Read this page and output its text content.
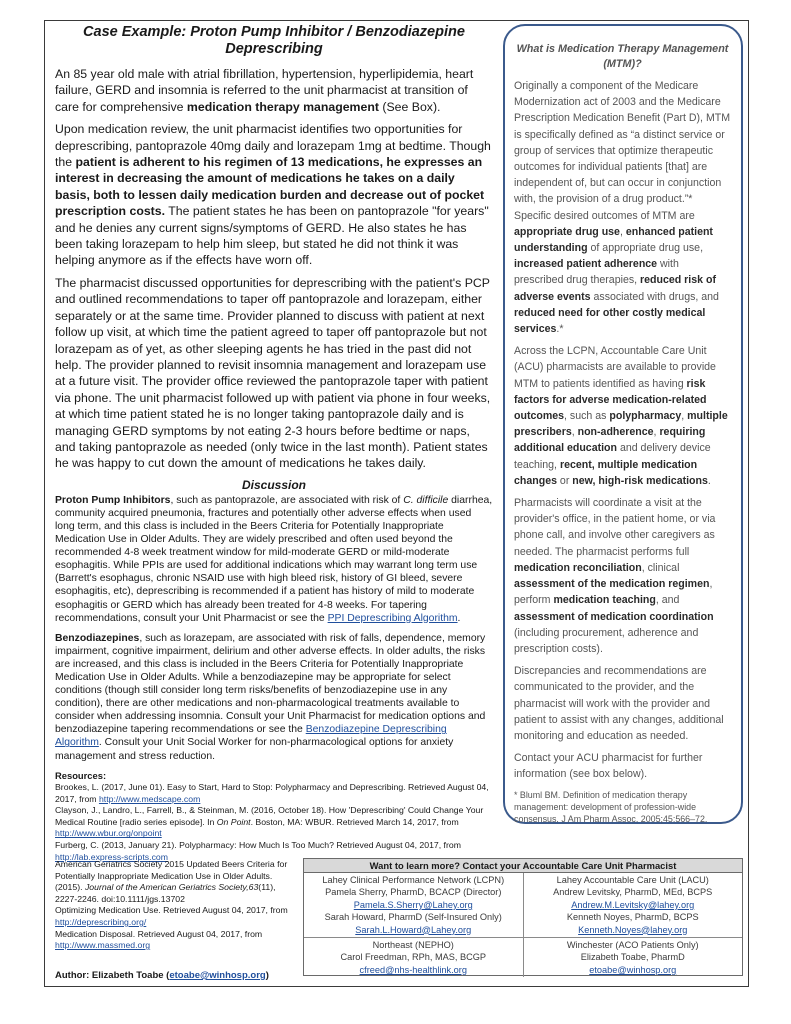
Case Example: Proton Pump Inhibitor / Benzodiazepine Deprescribing

An 85 year old male with atrial fibrillation, hypertension, hyperlipidemia, heart failure, GERD and insomnia is referred to the unit pharmacist at transition of care for comprehensive medication therapy management (See Box).

Upon medication review, the unit pharmacist identifies two opportunities for deprescribing, pantoprazole 40mg daily and lorazepam 1mg at bedtime. Though the patient is adherent to his regimen of 13 medications, he expresses an interest in decreasing the amount of medications he takes on a daily basis, both to lessen daily medication burden and decrease out of pocket prescription costs. The patient states he has been on pantoprazole "for years" and he denies any current signs/symptoms of GERD. He also states he has been taking lorazepam to help him sleep, but stated he did not think it was helping anymore as if the effects have worn off.

The pharmacist discussed opportunities for deprescribing with the patient's PCP and outlined recommendations to taper off pantoprazole and lorazepam, either separately or at the same time. Provider planned to discuss with patient at next follow up visit, at which time the patient agreed to taper off pantoprazole but not lorazepam as of yet, as other sleeping agents he has tried in the past did not help. The provider planned to revisit insomnia management and lorazepam use at a future visit. The provider office reviewed the pantoprazole taper with patient via phone. The unit pharmacist followed up with patient via phone in four weeks, at which time patient stated he is no longer taking pantoprazole daily and is managing GERD symptoms by not eating 2-3 hours before bedtime or naps, and taking pantoprazole as needed (only twice in the last month). Patient states he was happy to cut down the amount of medications he takes daily.

Discussion

Proton Pump Inhibitors, such as pantoprazole, are associated with risk of C. difficile diarrhea, community acquired pneumonia, fractures and potentially other adverse effects when used long term, and this class is included in the Beers Criteria for Potentially Inappropriate Medication Use in Older Adults. They are widely prescribed and often used beyond the recommended 4-8 week treatment window for mild-moderate GERD or mild-moderate esophagitis. While PPIs are used for additional indications which may warrant long term use (Barrett's esophagus, chronic NSAID use with high bleed risk, history of GI bleed, severe esophagitis, etc), deprescribing is recommended if a patient has history of mild to moderate esophagitis or GERD which has already been treated for 4-8 weeks. For tapering recommendations, consult your Unit Pharmacist or see the PPI Deprescribing Algorithm.

Benzodiazepines, such as lorazepam, are associated with risk of falls, dependence, memory impairment, cognitive impairment, delirium and other adverse effects. In older adults, the risks are increased, and this class is included in the Beers Criteria for Potentially Inappropriate Medication Use in Older Adults. While a benzodiazepine may be appropriate for select conditions (though still consider long term risks/benefits of benzodiazepine use in any condition), there are other medications and non-pharmacological treatments available to consider when addressing insomnia. Consult your Unit Pharmacist for medication options and benzodiazepine tapering recommendations or see the Benzodiazepine Deprescribing Algorithm. Consult your Unit Social Worker for non-pharmacological options for anxiety management and stress reduction.

Resources:

Brookes, L. (2017, June 01). Easy to Start, Hard to Stop: Polypharmacy and Deprescribing. Retrieved August 04, 2017, from http://www.medscape.com

Clayson, J., Landro, L., Farrell, B., & Steinman, M. (2016, October 18). How 'Deprescribing' Could Change Your Medical Routine [radio series episode]. In On Point. Boston, MA: WBUR. Retrieved March 14, 2017, from http://www.wbur.org/onpoint

Furberg, C. (2013, January 21). Polypharmacy: How Much Is Too Much? Retrieved August 04, 2017, from http://lab.express-scripts.com

American Geriatrics Society 2015 Updated Beers Criteria for Potentially Inappropriate Medication Use in Older Adults. (2015). Journal of the American Geriatrics Society,63(11), 2227-2246. doi:10.1111/jgs.13702

Optimizing Medication Use. Retrieved August 04, 2017, from http://deprescribing.org/

Medication Disposal. Retrieved August 04, 2017, from http://www.massmed.org

Author: Elizabeth Toabe (etoabe@winhosp.org)
What is Medication Therapy Management (MTM)?

Originally a component of the Medicare Modernization act of 2003 and the Medicare Prescription Medication Benefit (Part D), MTM is specifically defined as “a distinct service or group of services that optimize therapeutic outcomes for individual patients [that] are independent of, but can occur in conjunction with, the provision of a drug product.”* Specific desired outcomes of MTM are appropriate drug use, enhanced patient understanding of appropriate drug use, increased patient adherence with prescribed drug therapies, reduced risk of adverse events associated with drugs, and reduced need for other costly medical services.*

Across the LCPN, Accountable Care Unit (ACU) pharmacists are available to provide MTM to patients identified as having risk factors for adverse medication-related outcomes, such as polypharmacy, multiple prescribers, non-adherence, requiring additional education and delivery device teaching, recent, multiple medication changes or new, high-risk medications.

Pharmacists will coordinate a visit at the provider's office, in the patient home, or via phone call, and involve other caregivers as needed. The pharmacist performs full medication reconciliation, clinical assessment of the medication regimen, perform medication teaching, and assessment of medication coordination (including procurement, adherence and prescription costs).

Discrepancies and recommendations are communicated to the provider, and the pharmacist will work with the provider and patient to assist with any changes, additional monitoring and education as needed.

Contact your ACU pharmacist for further information (see box below).

* Bluml BM. Definition of medication therapy management: development of profession-wide consensus. J Am Pharm Assoc. 2005;45:566–72.

Want to learn more? Contact your Accountable Care Unit Pharmacist
Lahey Clinical Performance Network (LCPN)
Pamela Sherry, PharmD, BCACP (Director)
Pamela.S.Sherry@Lahey.org
Sarah Howard, PharmD (Self-Insured Only)
Sarah.L.Howard@Lahey.org
Lahey Accountable Care Unit (LACU)
Andrew Levitsky, PharmD, MEd, BCPS
Andrew.M.Levitsky@lahey.org
Kenneth Noyes, PharmD, BCPS
Kenneth.Noyes@lahey.org
Northeast (NEPHO)
Carol Freedman, RPh, MAS, BCGP
cfreed@nhs-healthlink.org
Winchester (ACO Patients Only)
Elizabeth Toabe, PharmD
etoabe@winhosp.org
